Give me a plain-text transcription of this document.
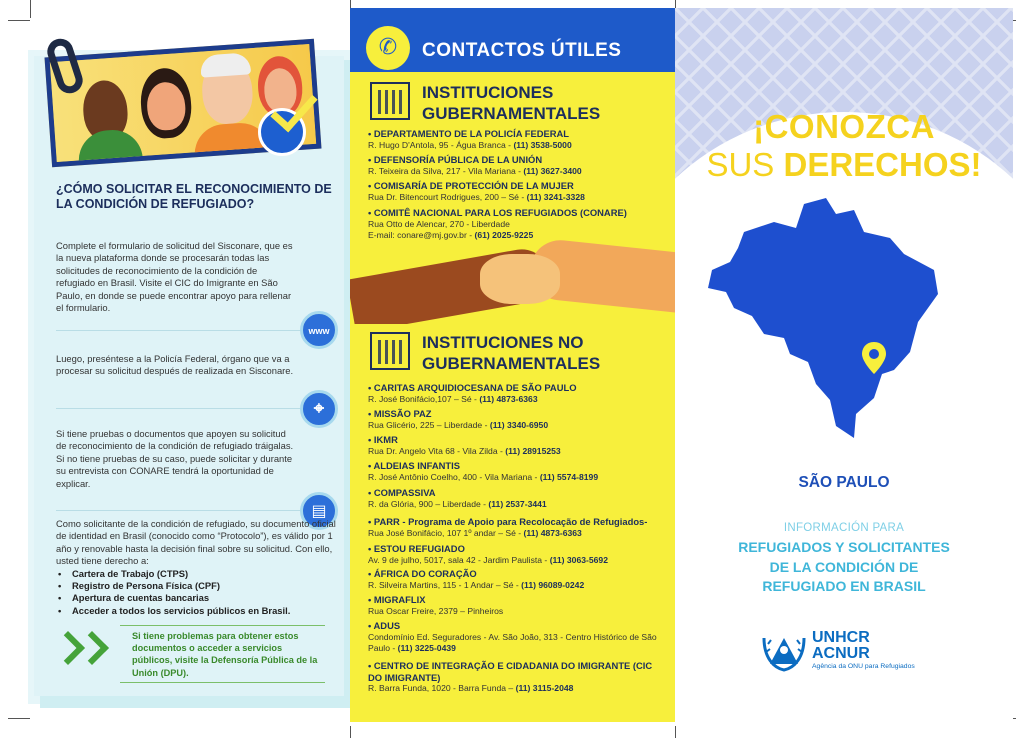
¿CÓMO SOLICITAR EL RECONOCIMIENTO DE LA CONDICIÓN DE REFUGIADO?
Complete el formulario de solicitud del Sisconare, que es la nueva plataforma donde se procesarán todas las solicitudes de reconocimiento de la condición de refugiado en Brasil. Visite el CIC do Imigrante en São Paulo, en donde se puede encontrar apoyo para rellenar el formulario.
www
Luego, preséntese a la Policía Federal, órgano que va a procesar su solicitud después de realizada en Sisconare.
⌖
Si tiene pruebas o documentos que apoyen su solicitud de reconocimiento de la condición de refugiado tráigalas. Si no tiene pruebas de su caso, puede solicitar y durante su entrevista con CONARE tendrá la oportunidad de explicar.
▤
Como solicitante de la condición de refugiado, su documento oficial de identidad en Brasil (conocido como “Protocolo”), es válido por 1 año y renovable hasta la decisión final sobre su solicitud. Con ello, usted tiene derecho a:
• Cartera de Trabajo (CTPS)
• Registro de Persona Física (CPF)
• Apertura de cuentas bancarias
• Acceder a todos los servicios públicos en Brasil.
Si tiene problemas para obtener estos documentos o acceder a servicios públicos, visite la Defensoría Pública de la Unión (DPU).
✆	CONTACTOS ÚTILES
INSTITUCIONES
GUBERNAMENTALES
• DEPARTAMENTO DE LA POLICÍA FEDERAL
R. Hugo D'Antola, 95 - Água Branca - (11) 3538-5000
• DEFENSORÍA PÚBLICA DE LA UNIÓN
R. Teixeira da Silva, 217 - Vila Mariana - (11) 3627-3400
• COMISARÍA DE PROTECCIÓN DE LA MUJER
Rua Dr. Bitencourt Rodrigues, 200 – Sé - (11) 3241-3328
• COMITÊ NACIONAL PARA LOS REFUGIADOS (CONARE)
Rua Otto de Alencar, 270 - Liberdade
E-mail: conare@mj.gov.br - (61) 2025-9225
INSTITUCIONES NO
GUBERNAMENTALES
• CARITAS ARQUIDIOCESANA DE SÃO PAULO
R. José Bonifácio,107 – Sé - (11) 4873-6363
• MISSÃO PAZ
Rua Glicério, 225 – Liberdade - (11) 3340-6950
• IKMR
Rua Dr. Angelo Vita 68 - Vila Zilda - (11) 28915253
• ALDEIAS INFANTIS
R. José Antônio Coelho, 400 - Vila Mariana - (11) 5574-8199
• COMPASSIVA
R. da Glória, 900 – Liberdade - (11) 2537-3441
• PARR - Programa de Apoio para Recolocação de Refugiados-
Rua José Bonifácio, 107 1º andar – Sé - (11) 4873-6363
• ESTOU REFUGIADO
Av. 9 de julho, 5017, sala 42 - Jardim Paulista - (11) 3063-5692
• ÁFRICA DO CORAÇÃO
R. Silveira Martins, 115 - 1 Andar – Sé - (11) 96089-0242
• MIGRAFLIX
Rua Oscar Freire, 2379 – Pinheiros
• ADUS
Condomínio Ed. Seguradores - Av. São João, 313 - Centro Histórico de São Paulo - (11) 3225-0439
• CENTRO DE INTEGRAÇÃO E CIDADANIA DO IMIGRANTE (CIC DO IMIGRANTE)
R. Barra Funda, 1020 - Barra Funda – (11) 3115-2048
¡CONOZCA
SUS DERECHOS!
SÃO PAULO
INFORMACIÓN PARA
REFUGIADOS Y SOLICITANTES
DE LA CONDICIÓN DE
REFUGIADO EN BRASIL
UNHCR
ACNUR
Agência da ONU para Refugiados
